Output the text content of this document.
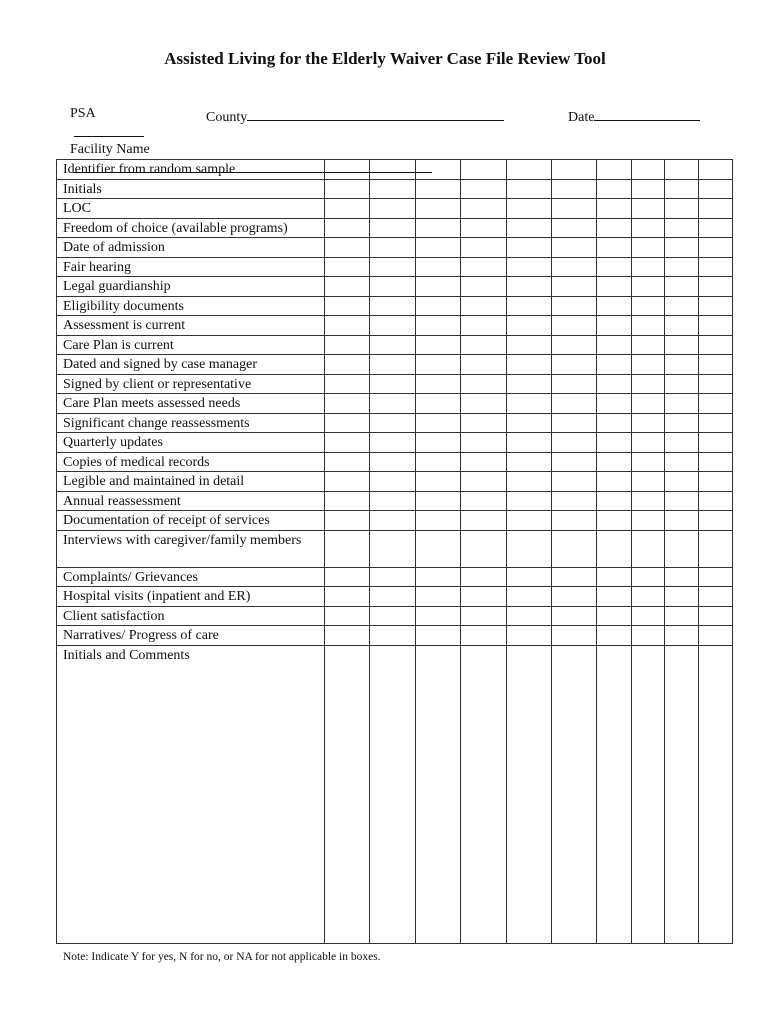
Assisted Living for the Elderly Waiver Case File Review Tool

PSA
	County	Date

Facility Name

Identifier from random sample										
Initials										
LOC										
Freedom of choice (available programs)										
Date of admission										
Fair hearing										
Legal guardianship										
Eligibility documents										
Assessment is current										
Care Plan is current										
Dated and signed by case manager										
Signed by client or representative										
Care Plan meets assessed needs										
Significant change reassessments										
Quarterly updates										
Copies of medical records										
Legible and maintained in detail										
Annual reassessment										
Documentation of receipt of services										
Interviews with caregiver/family members										
Complaints/ Grievances										
Hospital visits (inpatient and ER)										
Client satisfaction										
Narratives/ Progress of care										
Initials and Comments										
Note: Indicate Y for yes, N for no, or NA for not applicable in boxes.
